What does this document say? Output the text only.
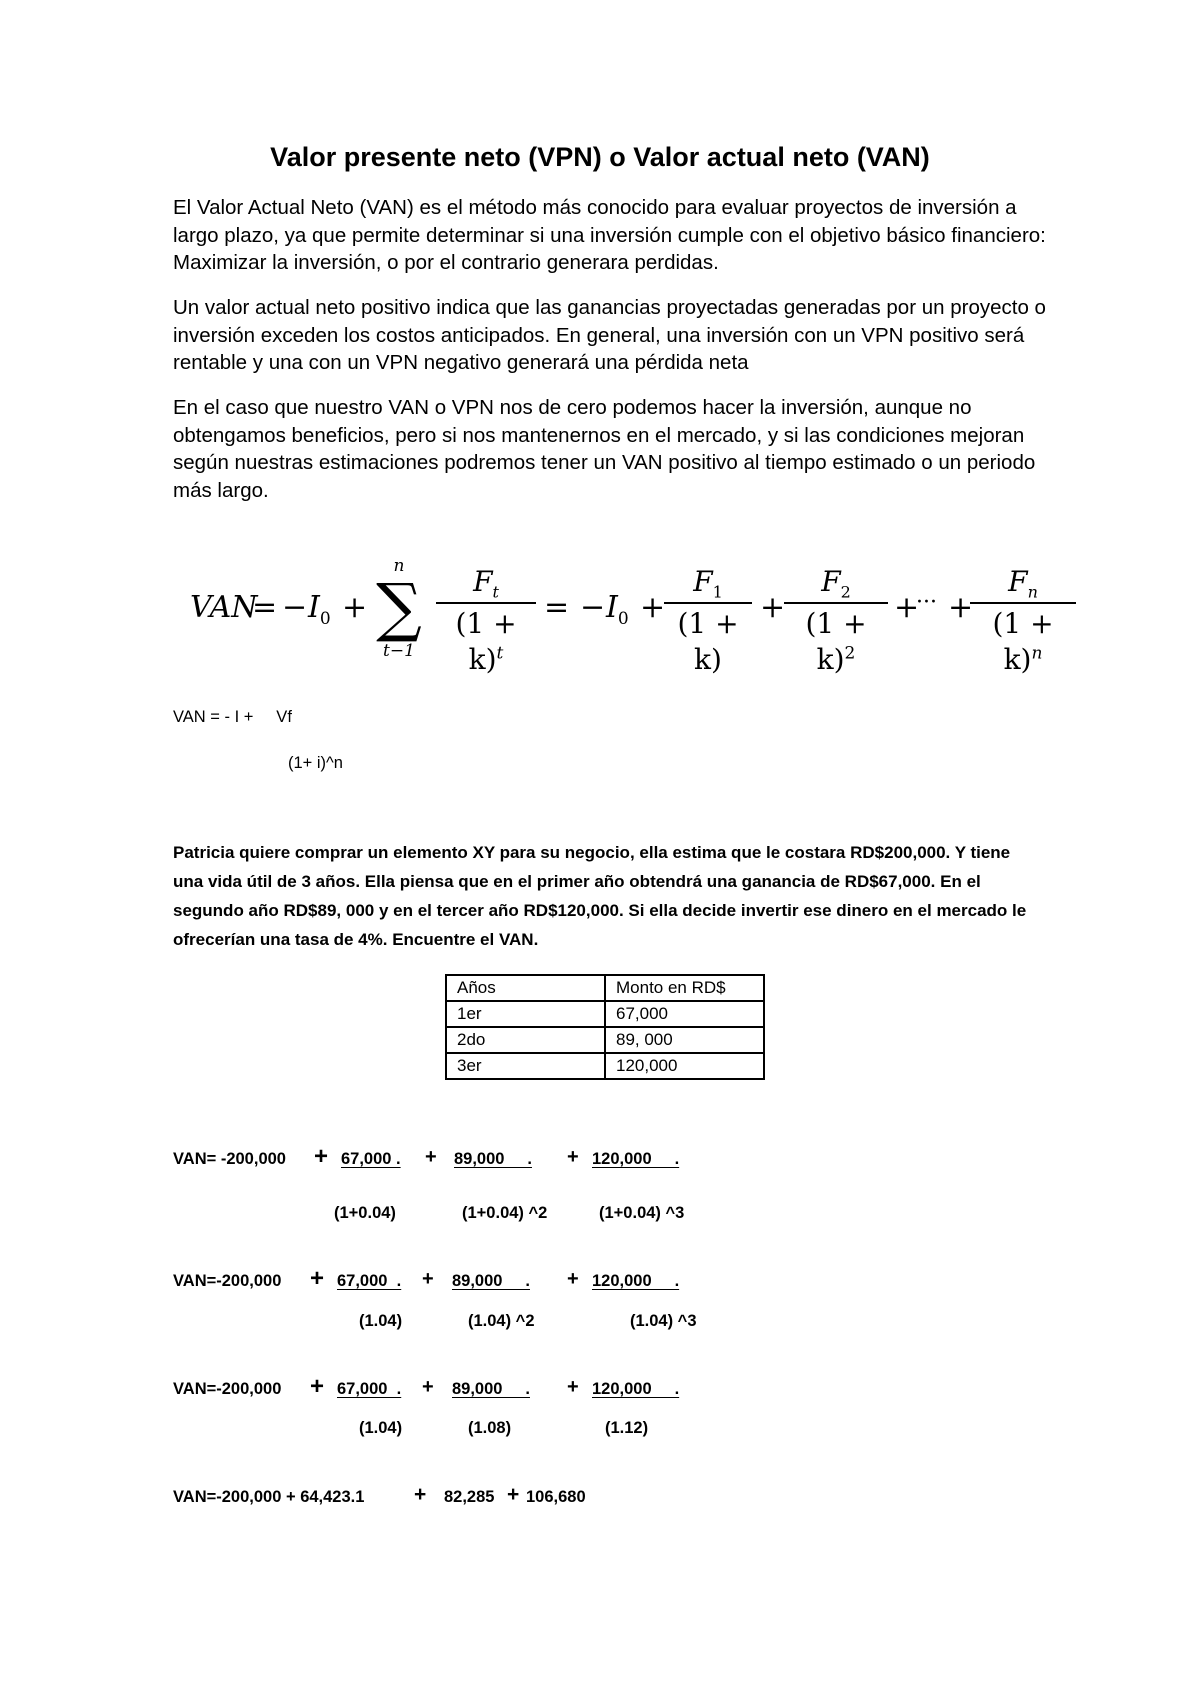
Valor presente neto (VPN) o Valor actual neto (VAN)

El Valor Actual Neto (VAN) es el método más conocido para evaluar proyectos de inversión a largo plazo, ya que permite determinar si una inversión cumple con el objetivo básico financiero: Maximizar la inversión, o por el contrario generara perdidas.

Un valor actual neto positivo indica que las ganancias proyectadas generadas por un proyecto o inversión exceden los costos anticipados. En general, una inversión con un VPN positivo será rentable y una con un VPN negativo generará una pérdida neta

En el caso que nuestro VAN o VPN nos de cero podemos hacer la inversión, aunque no obtengamos beneficios, pero si nos mantenernos en el mercado, y si las condiciones mejoran según nuestras estimaciones podremos tener un VAN positivo al tiempo estimado o un periodo más largo.

VAN
= − $I_0$ +
n
∑
t−1
$F_t$
$(1 + k)^t$
= − $I_0$ +
$F_1$
(1 + k)
+
$F_2$
$(1 + k)^2$
+
··· +
$F_n$
$(1 + k)^n$
VAN = - I +     Vf
(1+ i)^n

Patricia quiere comprar un elemento XY para su negocio, ella estima que le costara RD$200,000. Y tiene una vida útil de 3 años. Ella piensa que en el primer año obtendrá una ganancia de RD$67,000. En el segundo año RD$89, 000 y en el tercer año RD$120,000. Si ella decide invertir ese dinero en el mercado le ofrecerían una tasa de 4%. Encuentre el VAN.

Años	Monto en RD$
1er	67,000
2do	89, 000
3er	120,000
VAN= -200,000 + 67,000 . + 89,000     . + 120,000     .
(1+0.04)	(1+0.04) ^2	(1+0.04) ^3
VAN=-200,000 + 67,000  . + 89,000     . + 120,000     .
(1.04)	(1.04) ^2	(1.04) ^3
VAN=-200,000 + 67,000  . + 89,000     . + 120,000     .
(1.04)	(1.08)	(1.12)
VAN=-200,000 + 64,423.1 + 82,285 + 106,680
